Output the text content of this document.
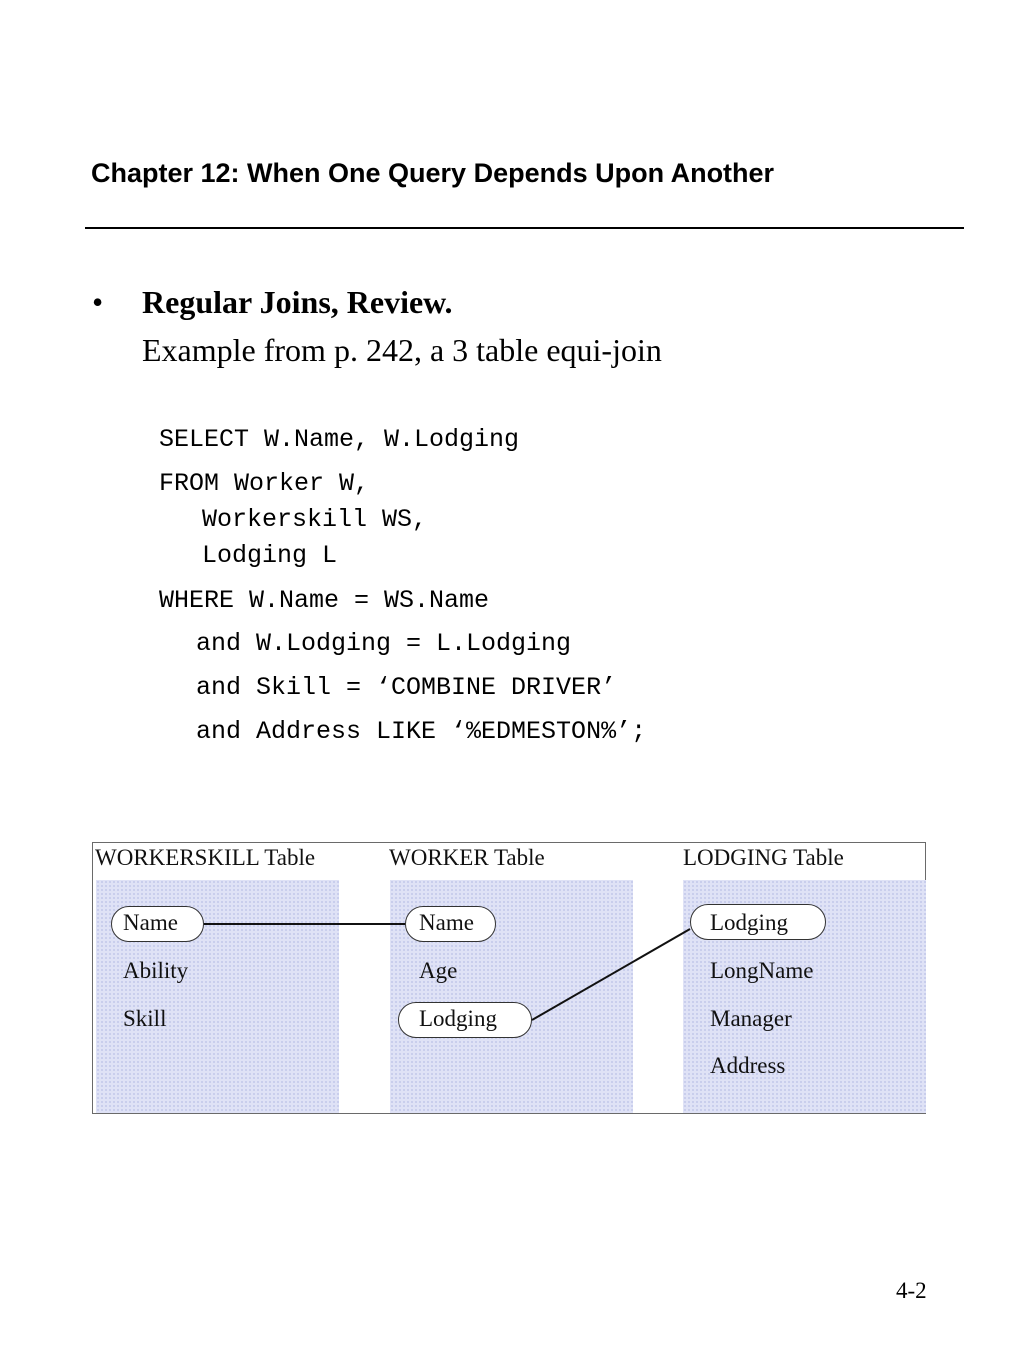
Chapter 12: When One Query Depends Upon Another
• Regular Joins, Review.
Example from p. 242, a 3 table equi-join
SELECT W.Name, W.Lodging
FROM Worker W,
Workerskill WS,
Lodging L
WHERE W.Name = WS.Name
and W.Lodging = L.Lodging
and Skill = ‘COMBINE DRIVER’
and Address LIKE ‘%EDMESTON%’;
WORKERSKILL Table	WORKER Table	LODGING Table
Name
Ability
Skill
Name
Age
Lodging
Lodging
LongName
Manager
Address
4-2
